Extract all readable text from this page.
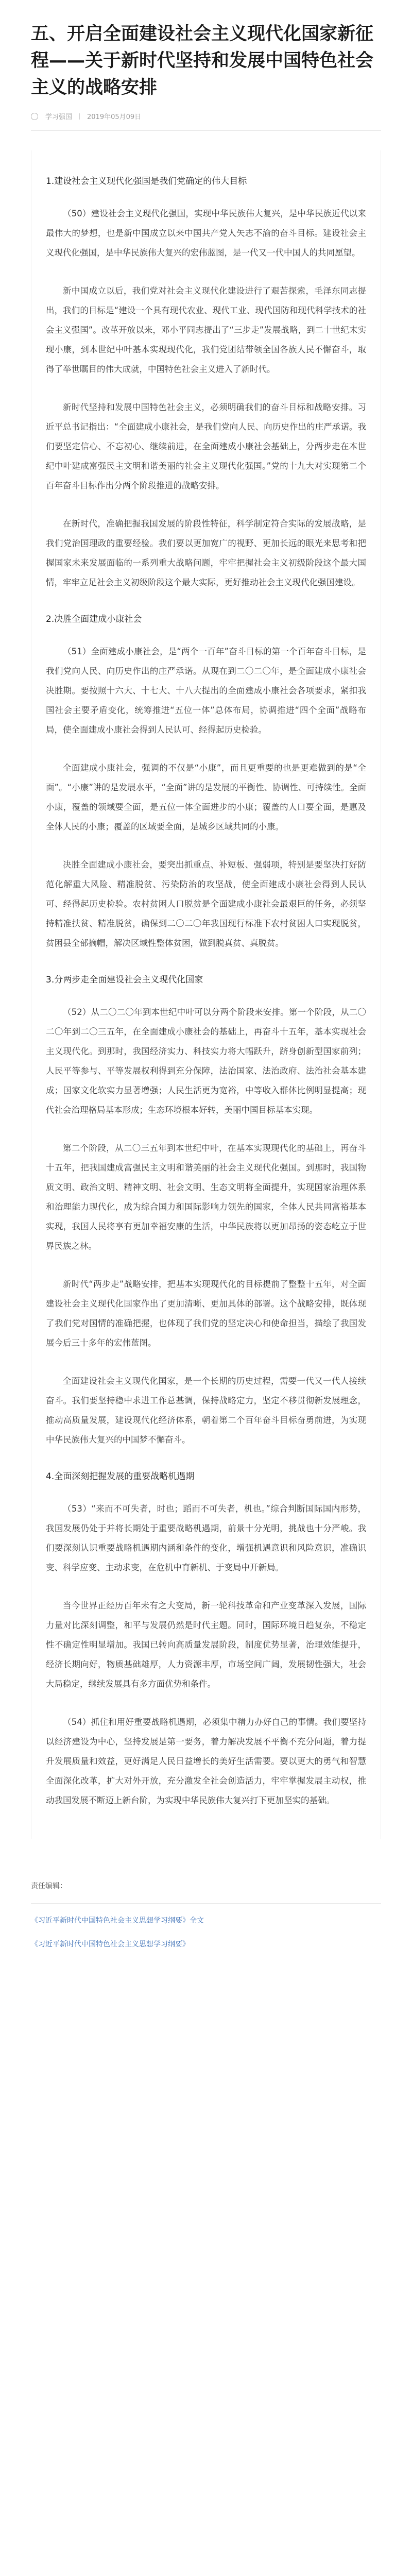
五、开启全面建设社会主义现代化国家新征程——关于新时代坚持和发展中国特色社会主义的战略安排
学习强国 2019年05月09日

1.建设社会主义现代化强国是我们党确定的伟大目标

（50）建设社会主义现代化强国，实现中华民族伟大复兴，是中华民族近代以来最伟大的梦想，也是新中国成立以来中国共产党人矢志不渝的奋斗目标。建设社会主义现代化强国，是中华民族伟大复兴的宏伟蓝图，是一代又一代中国人的共同愿望。

新中国成立以后，我们党对社会主义现代化建设进行了艰苦探索，毛泽东同志提出，我们的目标是“建设一个具有现代农业、现代工业、现代国防和现代科学技术的社会主义强国”。改革开放以来，邓小平同志提出了“三步走”发展战略，到二十世纪末实现小康，到本世纪中叶基本实现现代化，我们党团结带领全国各族人民不懈奋斗，取得了举世瞩目的伟大成就，中国特色社会主义进入了新时代。

新时代坚持和发展中国特色社会主义，必须明确我们的奋斗目标和战略安排。习近平总书记指出：“全面建成小康社会，是我们党向人民、向历史作出的庄严承诺。我们要坚定信心、不忘初心、继续前进，在全面建成小康社会基础上，分两步走在本世纪中叶建成富强民主文明和谐美丽的社会主义现代化强国。”党的十九大对实现第二个百年奋斗目标作出分两个阶段推进的战略安排。

在新时代，准确把握我国发展的阶段性特征，科学制定符合实际的发展战略，是我们党治国理政的重要经验。我们要以更加宽广的视野、更加长远的眼光来思考和把握国家未来发展面临的一系列重大战略问题，牢牢把握社会主义初级阶段这个最大国情，牢牢立足社会主义初级阶段这个最大实际，更好推动社会主义现代化强国建设。

2.决胜全面建成小康社会

（51）全面建成小康社会，是“两个一百年”奋斗目标的第一个百年奋斗目标，是我们党向人民、向历史作出的庄严承诺。从现在到二〇二〇年，是全面建成小康社会决胜期。要按照十六大、十七大、十八大提出的全面建成小康社会各项要求，紧扣我国社会主要矛盾变化，统筹推进“五位一体”总体布局，协调推进“四个全面”战略布局，使全面建成小康社会得到人民认可、经得起历史检验。

全面建成小康社会，强调的不仅是“小康”，而且更重要的也是更难做到的是“全面”。“小康”讲的是发展水平，“全面”讲的是发展的平衡性、协调性、可持续性。全面小康，覆盖的领域要全面，是五位一体全面进步的小康；覆盖的人口要全面，是惠及全体人民的小康；覆盖的区域要全面，是城乡区域共同的小康。

决胜全面建成小康社会，要突出抓重点、补短板、强弱项，特别是要坚决打好防范化解重大风险、精准脱贫、污染防治的攻坚战，使全面建成小康社会得到人民认可、经得起历史检验。农村贫困人口脱贫是全面建成小康社会最艰巨的任务，必须坚持精准扶贫、精准脱贫，确保到二〇二〇年我国现行标准下农村贫困人口实现脱贫，贫困县全部摘帽，解决区域性整体贫困，做到脱真贫、真脱贫。

3.分两步走全面建设社会主义现代化国家

（52）从二〇二〇年到本世纪中叶可以分两个阶段来安排。第一个阶段，从二〇二〇年到二〇三五年，在全面建成小康社会的基础上，再奋斗十五年，基本实现社会主义现代化。到那时，我国经济实力、科技实力将大幅跃升，跻身创新型国家前列；人民平等参与、平等发展权利得到充分保障，法治国家、法治政府、法治社会基本建成；国家文化软实力显著增强；人民生活更为宽裕，中等收入群体比例明显提高；现代社会治理格局基本形成；生态环境根本好转，美丽中国目标基本实现。

第二个阶段，从二〇三五年到本世纪中叶，在基本实现现代化的基础上，再奋斗十五年，把我国建成富强民主文明和谐美丽的社会主义现代化强国。到那时，我国物质文明、政治文明、精神文明、社会文明、生态文明将全面提升，实现国家治理体系和治理能力现代化，成为综合国力和国际影响力领先的国家，全体人民共同富裕基本实现，我国人民将享有更加幸福安康的生活，中华民族将以更加昂扬的姿态屹立于世界民族之林。

新时代“两步走”战略安排，把基本实现现代化的目标提前了整整十五年，对全面建设社会主义现代化国家作出了更加清晰、更加具体的部署。这个战略安排，既体现了我们党对国情的准确把握，也体现了我们党的坚定决心和使命担当，描绘了我国发展今后三十多年的宏伟蓝图。

全面建设社会主义现代化国家，是一个长期的历史过程，需要一代又一代人接续奋斗。我们要坚持稳中求进工作总基调，保持战略定力，坚定不移贯彻新发展理念，推动高质量发展，建设现代化经济体系，朝着第二个百年奋斗目标奋勇前进，为实现中华民族伟大复兴的中国梦不懈奋斗。

4.全面深刻把握发展的重要战略机遇期

（53）“来而不可失者，时也；蹈而不可失者，机也。”综合判断国际国内形势，我国发展仍处于并将长期处于重要战略机遇期，前景十分光明，挑战也十分严峻。我们要深刻认识重要战略机遇期内涵和条件的变化，增强机遇意识和风险意识，准确识变、科学应变、主动求变，在危机中育新机、于变局中开新局。

当今世界正经历百年未有之大变局，新一轮科技革命和产业变革深入发展，国际力量对比深刻调整，和平与发展仍然是时代主题。同时，国际环境日趋复杂，不稳定性不确定性明显增加。我国已转向高质量发展阶段，制度优势显著，治理效能提升，经济长期向好，物质基础雄厚，人力资源丰厚，市场空间广阔，发展韧性强大，社会大局稳定，继续发展具有多方面优势和条件。

（54）抓住和用好重要战略机遇期，必须集中精力办好自己的事情。我们要坚持以经济建设为中心，坚持发展是第一要务，着力解决发展不平衡不充分问题，着力提升发展质量和效益，更好满足人民日益增长的美好生活需要。要以更大的勇气和智慧全面深化改革，扩大对外开放，充分激发全社会创造活力，牢牢掌握发展主动权，推动我国发展不断迈上新台阶，为实现中华民族伟大复兴打下更加坚实的基础。

责任编辑：

《习近平新时代中国特色社会主义思想学习纲要》全文
《习近平新时代中国特色社会主义思想学习纲要》
